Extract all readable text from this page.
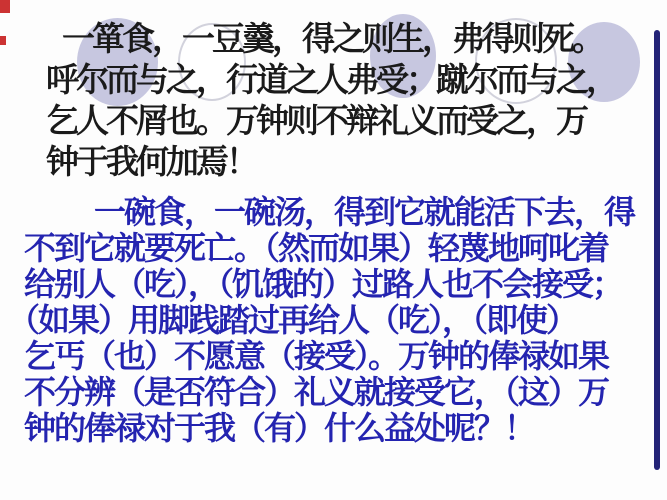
一箪食，一豆羹，得之则生，弗得则死。
呼尔而与之，行道之人弗受；蹴尔而与之，
乞人不屑也。万钟则不辩礼义而受之，万
钟于我何加焉！
一碗食，一碗汤，得到它就能活下去，得
不到它就要死亡。（然而如果）轻蔑地呵叱着
给别人（吃），（饥饿的）过路人也不会接受；
（如果）用脚践踏过再给人（吃），（即使）
乞丐（也）不愿意（接受）。万钟的俸禄如果
不分辨（是否符合）礼义就接受它，（这）万
钟的俸禄对于我（有）什么益处呢？！
